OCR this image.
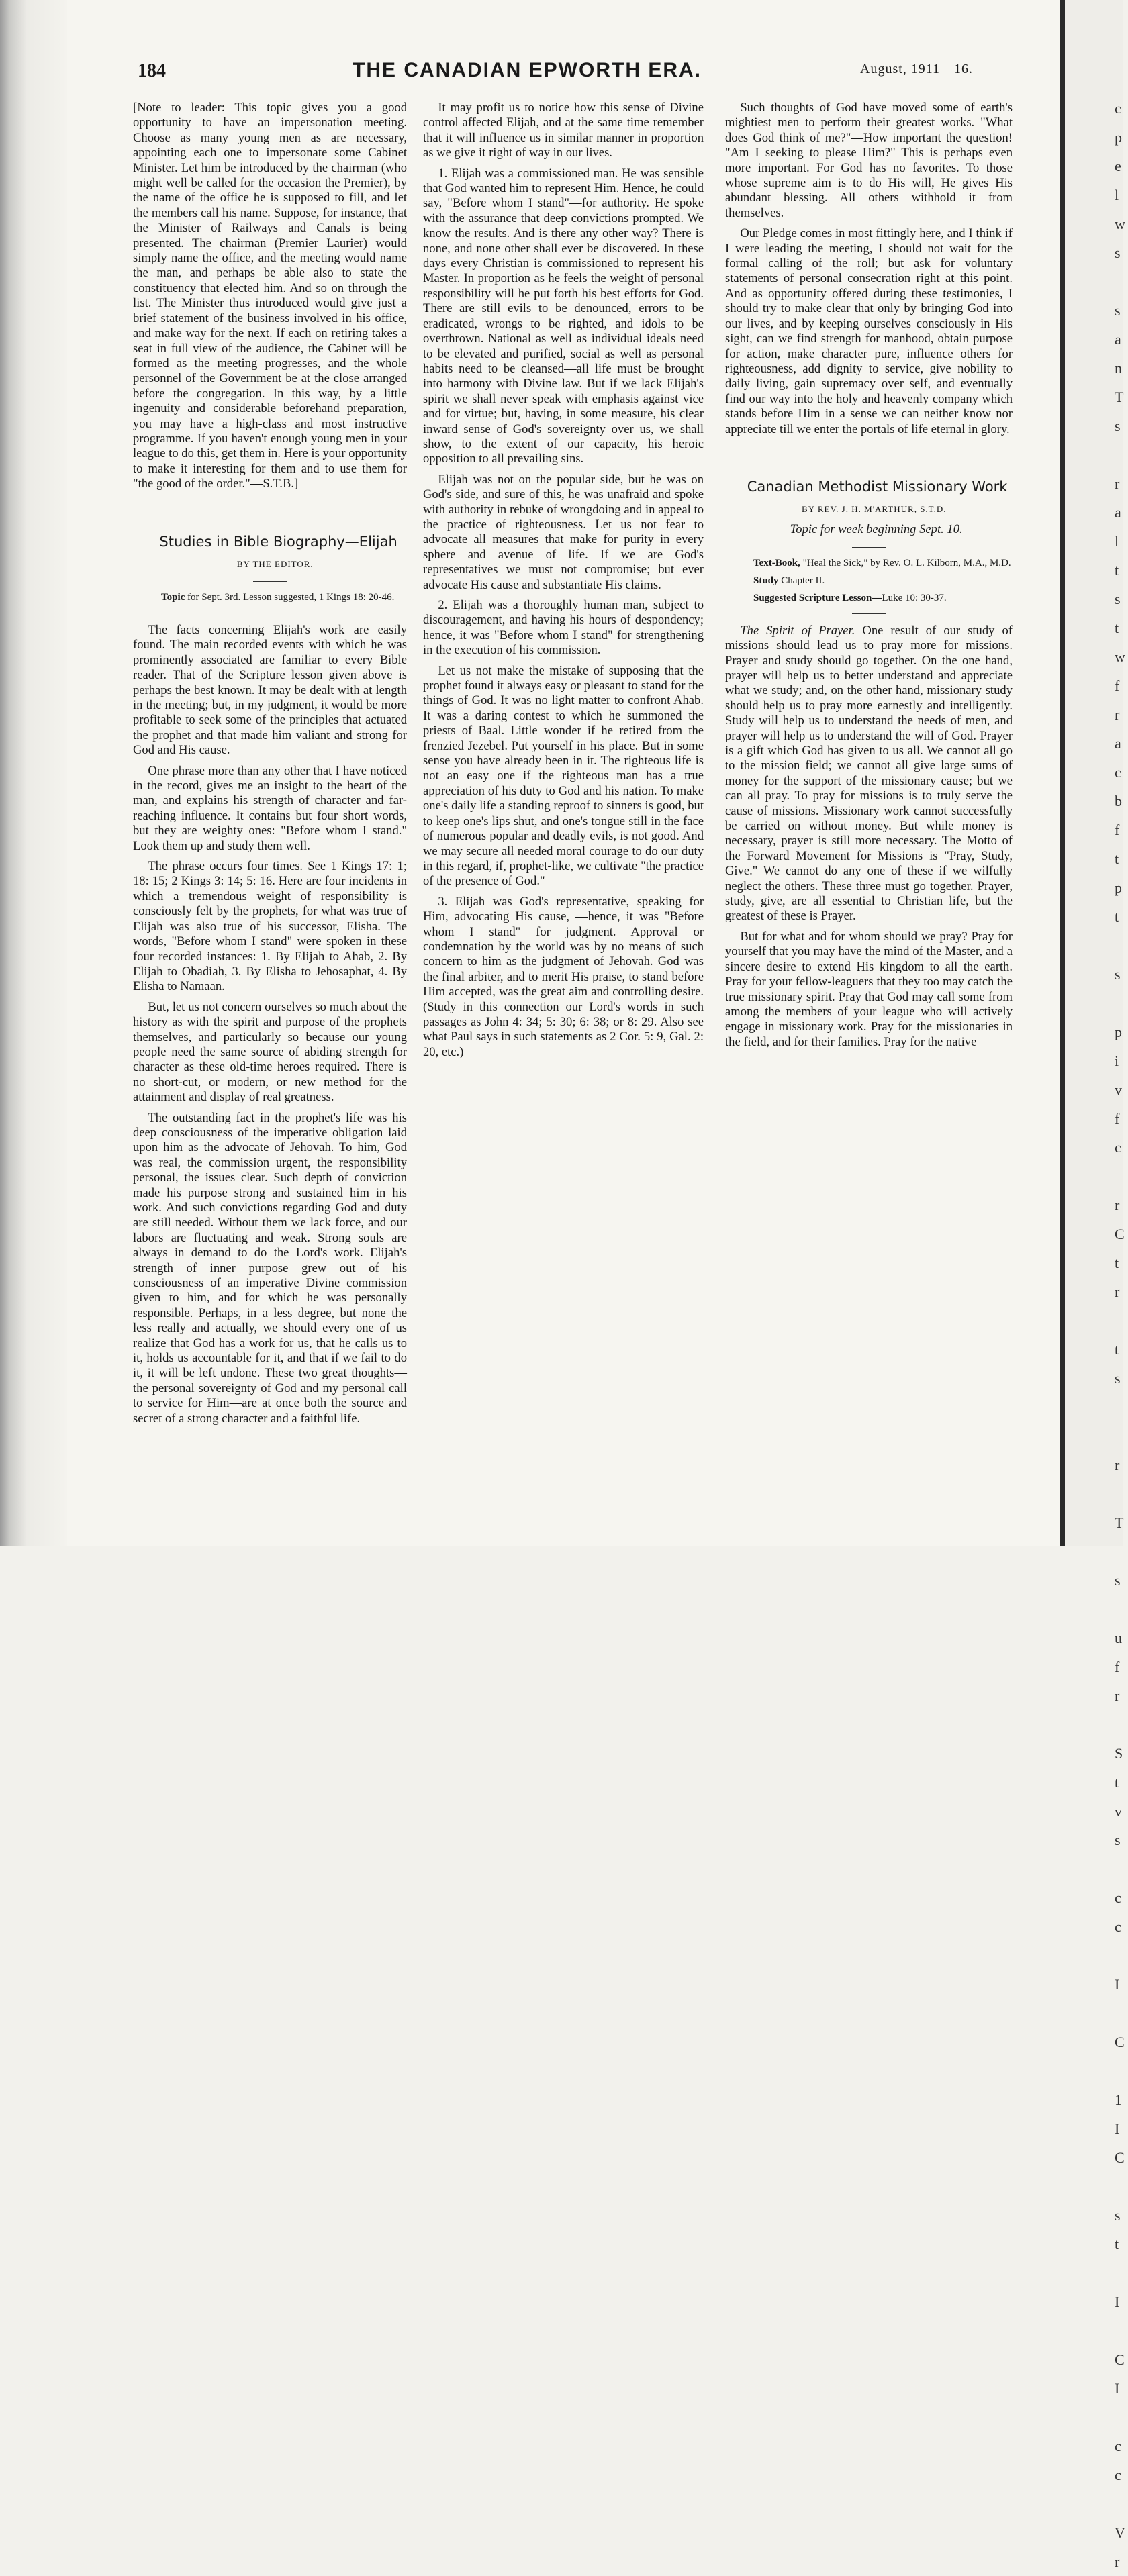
c
p
e
l
w
s

s
a
n
T
s

r
a
l
t
s
t
w
f
r
a
c
b
f
t
p
t

s

p
i
v
f
c

r
C
t
r

t
s

r

T

s

u
f
r

S
t
v
s

c
c

I

C

1
I
C

s
t

I

C
I

c
c

V
r
184	THE CANADIAN EPWORTH ERA.	August, 1911—16.

[Note to leader: This topic gives you a good opportunity to have an impersonation meeting. Choose as many young men as are necessary, appointing each one to impersonate some Cabinet Minister. Let him be introduced by the chairman (who might well be called for the occasion the Premier), by the name of the office he is supposed to fill, and let the members call his name. Suppose, for instance, that the Minister of Railways and Canals is being presented. The chairman (Premier Laurier) would simply name the office, and the meeting would name the man, and perhaps be able also to state the constituency that elected him. And so on through the list. The Minister thus introduced would give just a brief statement of the business involved in his office, and make way for the next. If each on retiring takes a seat in full view of the audience, the Cabinet will be formed as the meeting progresses, and the whole personnel of the Government be at the close arranged before the congregation. In this way, by a little ingenuity and considerable beforehand preparation, you may have a high-class and most instructive programme. If you haven't enough young men in your league to do this, get them in. Here is your opportunity to make it interesting for them and to use them for "the good of the order."—S.T.B.]

Studies in Bible Biography—Elijah

BY THE EDITOR.

Topic for Sept. 3rd. Lesson suggested, 1 Kings 18: 20-46.

The facts concerning Elijah's work are easily found. The main recorded events with which he was prominently associated are familiar to every Bible reader. That of the Scripture lesson given above is perhaps the best known. It may be dealt with at length in the meeting; but, in my judgment, it would be more profitable to seek some of the principles that actuated the prophet and that made him valiant and strong for God and His cause.

One phrase more than any other that I have noticed in the record, gives me an insight to the heart of the man, and explains his strength of character and far-reaching influence. It contains but four short words, but they are weighty ones: "Before whom I stand." Look them up and study them well.

The phrase occurs four times. See 1 Kings 17: 1; 18: 15; 2 Kings 3: 14; 5: 16. Here are four incidents in which a tremendous weight of responsibility is consciously felt by the prophets, for what was true of Elijah was also true of his successor, Elisha. The words, "Before whom I stand" were spoken in these four recorded instances: 1. By Elijah to Ahab, 2. By Elijah to Obadiah, 3. By Elisha to Jehosaphat, 4. By Elisha to Namaan.

But, let us not concern ourselves so much about the history as with the spirit and purpose of the prophets themselves, and particularly so because our young people need the same source of abiding strength for character as these old-time heroes required. There is no short-cut, or modern, or new method for the attainment and display of real greatness.

The outstanding fact in the prophet's life was his deep consciousness of the imperative obligation laid upon him as the advocate of Jehovah. To him, God was real, the commission urgent, the responsibility personal, the issues clear. Such depth of conviction made his purpose strong and sustained him in his work. And such convictions regarding God and duty are still needed. Without them we lack force, and our labors are fluctuating and weak. Strong souls are always in demand to do the Lord's work. Elijah's strength of inner purpose grew out of his consciousness of an imperative Divine commission given to him, and for which he was personally responsible. Perhaps, in a less degree, but none the less really and actually, we should every one of us realize that God has a work for us, that he calls us to it, holds us accountable for it, and that if we fail to do it, it will be left undone. These two great thoughts—the personal sovereignty of God and my personal call to service for Him—are at once both the source and secret of a strong character and a faithful life.

It may profit us to notice how this sense of Divine control affected Elijah, and at the same time remember that it will influence us in similar manner in proportion as we give it right of way in our lives.

1. Elijah was a commissioned man. He was sensible that God wanted him to represent Him. Hence, he could say, "Before whom I stand"—for authority. He spoke with the assurance that deep convictions prompted. We know the results. And is there any other way? There is none, and none other shall ever be discovered. In these days every Christian is commissioned to represent his Master. In proportion as he feels the weight of personal responsibility will he put forth his best efforts for God. There are still evils to be denounced, errors to be eradicated, wrongs to be righted, and idols to be overthrown. National as well as individual ideals need to be elevated and purified, social as well as personal habits need to be cleansed—all life must be brought into harmony with Divine law. But if we lack Elijah's spirit we shall never speak with emphasis against vice and for virtue; but, having, in some measure, his clear inward sense of God's sovereignty over us, we shall show, to the extent of our capacity, his heroic opposition to all prevailing sins.

Elijah was not on the popular side, but he was on God's side, and sure of this, he was unafraid and spoke with authority in rebuke of wrongdoing and in appeal to the practice of righteousness. Let us not fear to advocate all measures that make for purity in every sphere and avenue of life. If we are God's representatives we must not compromise; but ever advocate His cause and substantiate His claims.

2. Elijah was a thoroughly human man, subject to discouragement, and having his hours of despondency; hence, it was "Before whom I stand" for strengthening in the execution of his commission.

Let us not make the mistake of supposing that the prophet found it always easy or pleasant to stand for the things of God. It was no light matter to confront Ahab. It was a daring contest to which he summoned the priests of Baal. Little wonder if he retired from the frenzied Jezebel. Put yourself in his place. But in some sense you have already been in it. The righteous life is not an easy one if the righteous man has a true appreciation of his duty to God and his nation. To make one's daily life a standing reproof to sinners is good, but to keep one's lips shut, and one's tongue still in the face of numerous popular and deadly evils, is not good. And we may secure all needed moral courage to do our duty in this regard, if, prophet-like, we cultivate "the practice of the presence of God."

3. Elijah was God's representative, speaking for Him, advocating His cause, —hence, it was "Before whom I stand" for judgment. Approval or condemnation by the world was by no means of such concern to him as the judgment of Jehovah. God was the final arbiter, and to merit His praise, to stand before Him accepted, was the great aim and controlling desire. (Study in this connection our Lord's words in such passages as John 4: 34; 5: 30; 6: 38; or 8: 29. Also see what Paul says in such statements as 2 Cor. 5: 9, Gal. 2: 20, etc.)

Such thoughts of God have moved some of earth's mightiest men to perform their greatest works. "What does God think of me?"—How important the question! "Am I seeking to please Him?" This is perhaps even more important. For God has no favorites. To those whose supreme aim is to do His will, He gives His abundant blessing. All others withhold it from themselves.

Our Pledge comes in most fittingly here, and I think if I were leading the meeting, I should not wait for the formal calling of the roll; but ask for voluntary statements of personal consecration right at this point. And as opportunity offered during these testimonies, I should try to make clear that only by bringing God into our lives, and by keeping ourselves consciously in His sight, can we find strength for manhood, obtain purpose for action, make character pure, influence others for righteousness, add dignity to service, give nobility to daily living, gain supremacy over self, and eventually find our way into the holy and heavenly company which stands before Him in a sense we can neither know nor appreciate till we enter the portals of life eternal in glory.

Canadian Methodist Missionary Work

BY REV. J. H. M'ARTHUR, S.T.D.

Topic for week beginning Sept. 10.

Text-Book, "Heal the Sick," by Rev. O. L. Kilborn, M.A., M.D.

Study Chapter II.

Suggested Scripture Lesson—Luke 10: 30-37.

The Spirit of Prayer. One result of our study of missions should lead us to pray more for missions. Prayer and study should go together. On the one hand, prayer will help us to better understand and appreciate what we study; and, on the other hand, missionary study should help us to pray more earnestly and intelligently. Study will help us to understand the needs of men, and prayer will help us to understand the will of God. Prayer is a gift which God has given to us all. We cannot all go to the mission field; we cannot all give large sums of money for the support of the missionary cause; but we can all pray. To pray for missions is to truly serve the cause of missions. Missionary work cannot successfully be carried on without money. But while money is necessary, prayer is still more necessary. The Motto of the Forward Movement for Missions is "Pray, Study, Give." We cannot do any one of these if we wilfully neglect the others. These three must go together. Prayer, study, give, are all essential to Christian life, but the greatest of these is Prayer.

But for what and for whom should we pray? Pray for yourself that you may have the mind of the Master, and a sincere desire to extend His kingdom to all the earth. Pray for your fellow-leaguers that they too may catch the true missionary spirit. Pray that God may call some from among the members of your league who will actively engage in missionary work. Pray for the missionaries in the field, and for their families. Pray for the native
